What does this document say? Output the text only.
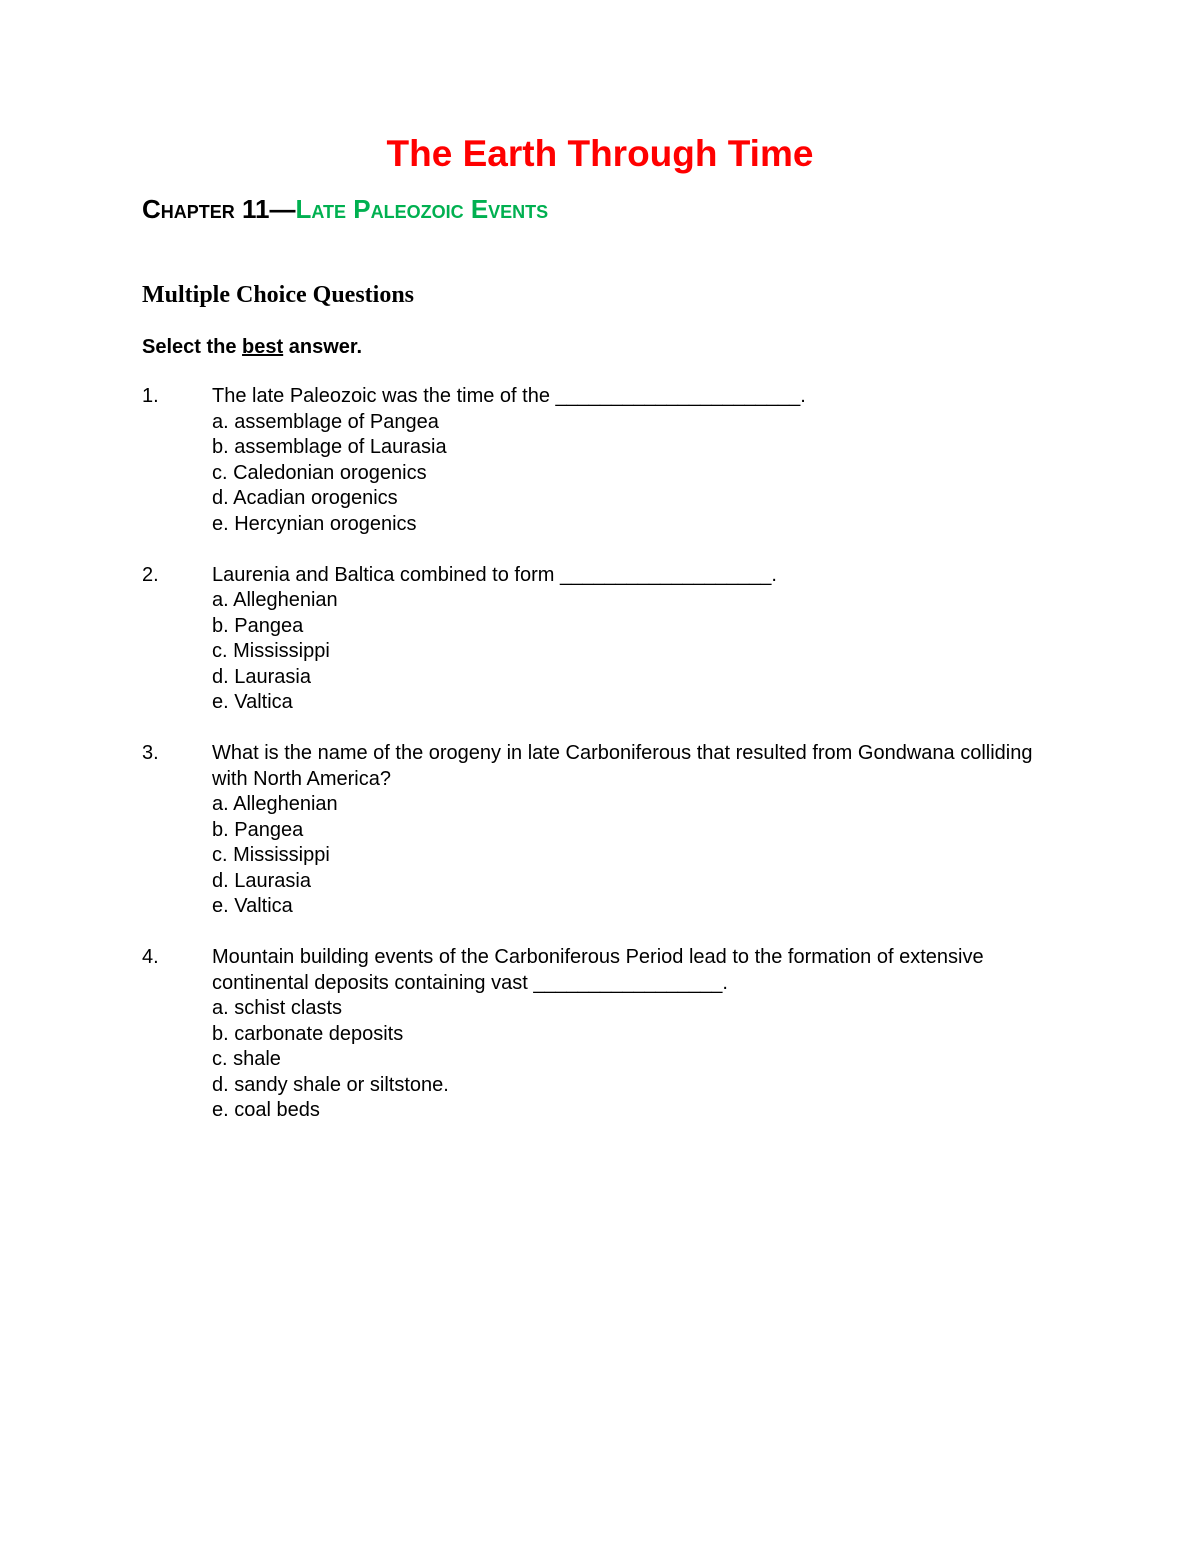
The Earth Through Time
Chapter 11—Late Paleozoic Events
Multiple Choice Questions

Select the best answer.

1.	The late Paleozoic was the time of the ______________________.

a. assemblage of Pangea
b. assemblage of Laurasia
c. Caledonian orogenics
d. Acadian orogenics
e. Hercynian orogenics
2.	Laurenia and Baltica combined to form ___________________.

a. Alleghenian
b. Pangea
c. Mississippi
d. Laurasia
e. Valtica
3.	What is the name of the orogeny in late Carboniferous that resulted from Gondwana colliding with North America?

a. Alleghenian
b. Pangea
c. Mississippi
d. Laurasia
e. Valtica
4.	Mountain building events of the Carboniferous Period lead to the formation of extensive continental deposits containing vast _________________.

a. schist clasts
b. carbonate deposits
c. shale
d. sandy shale or siltstone.
e. coal beds
